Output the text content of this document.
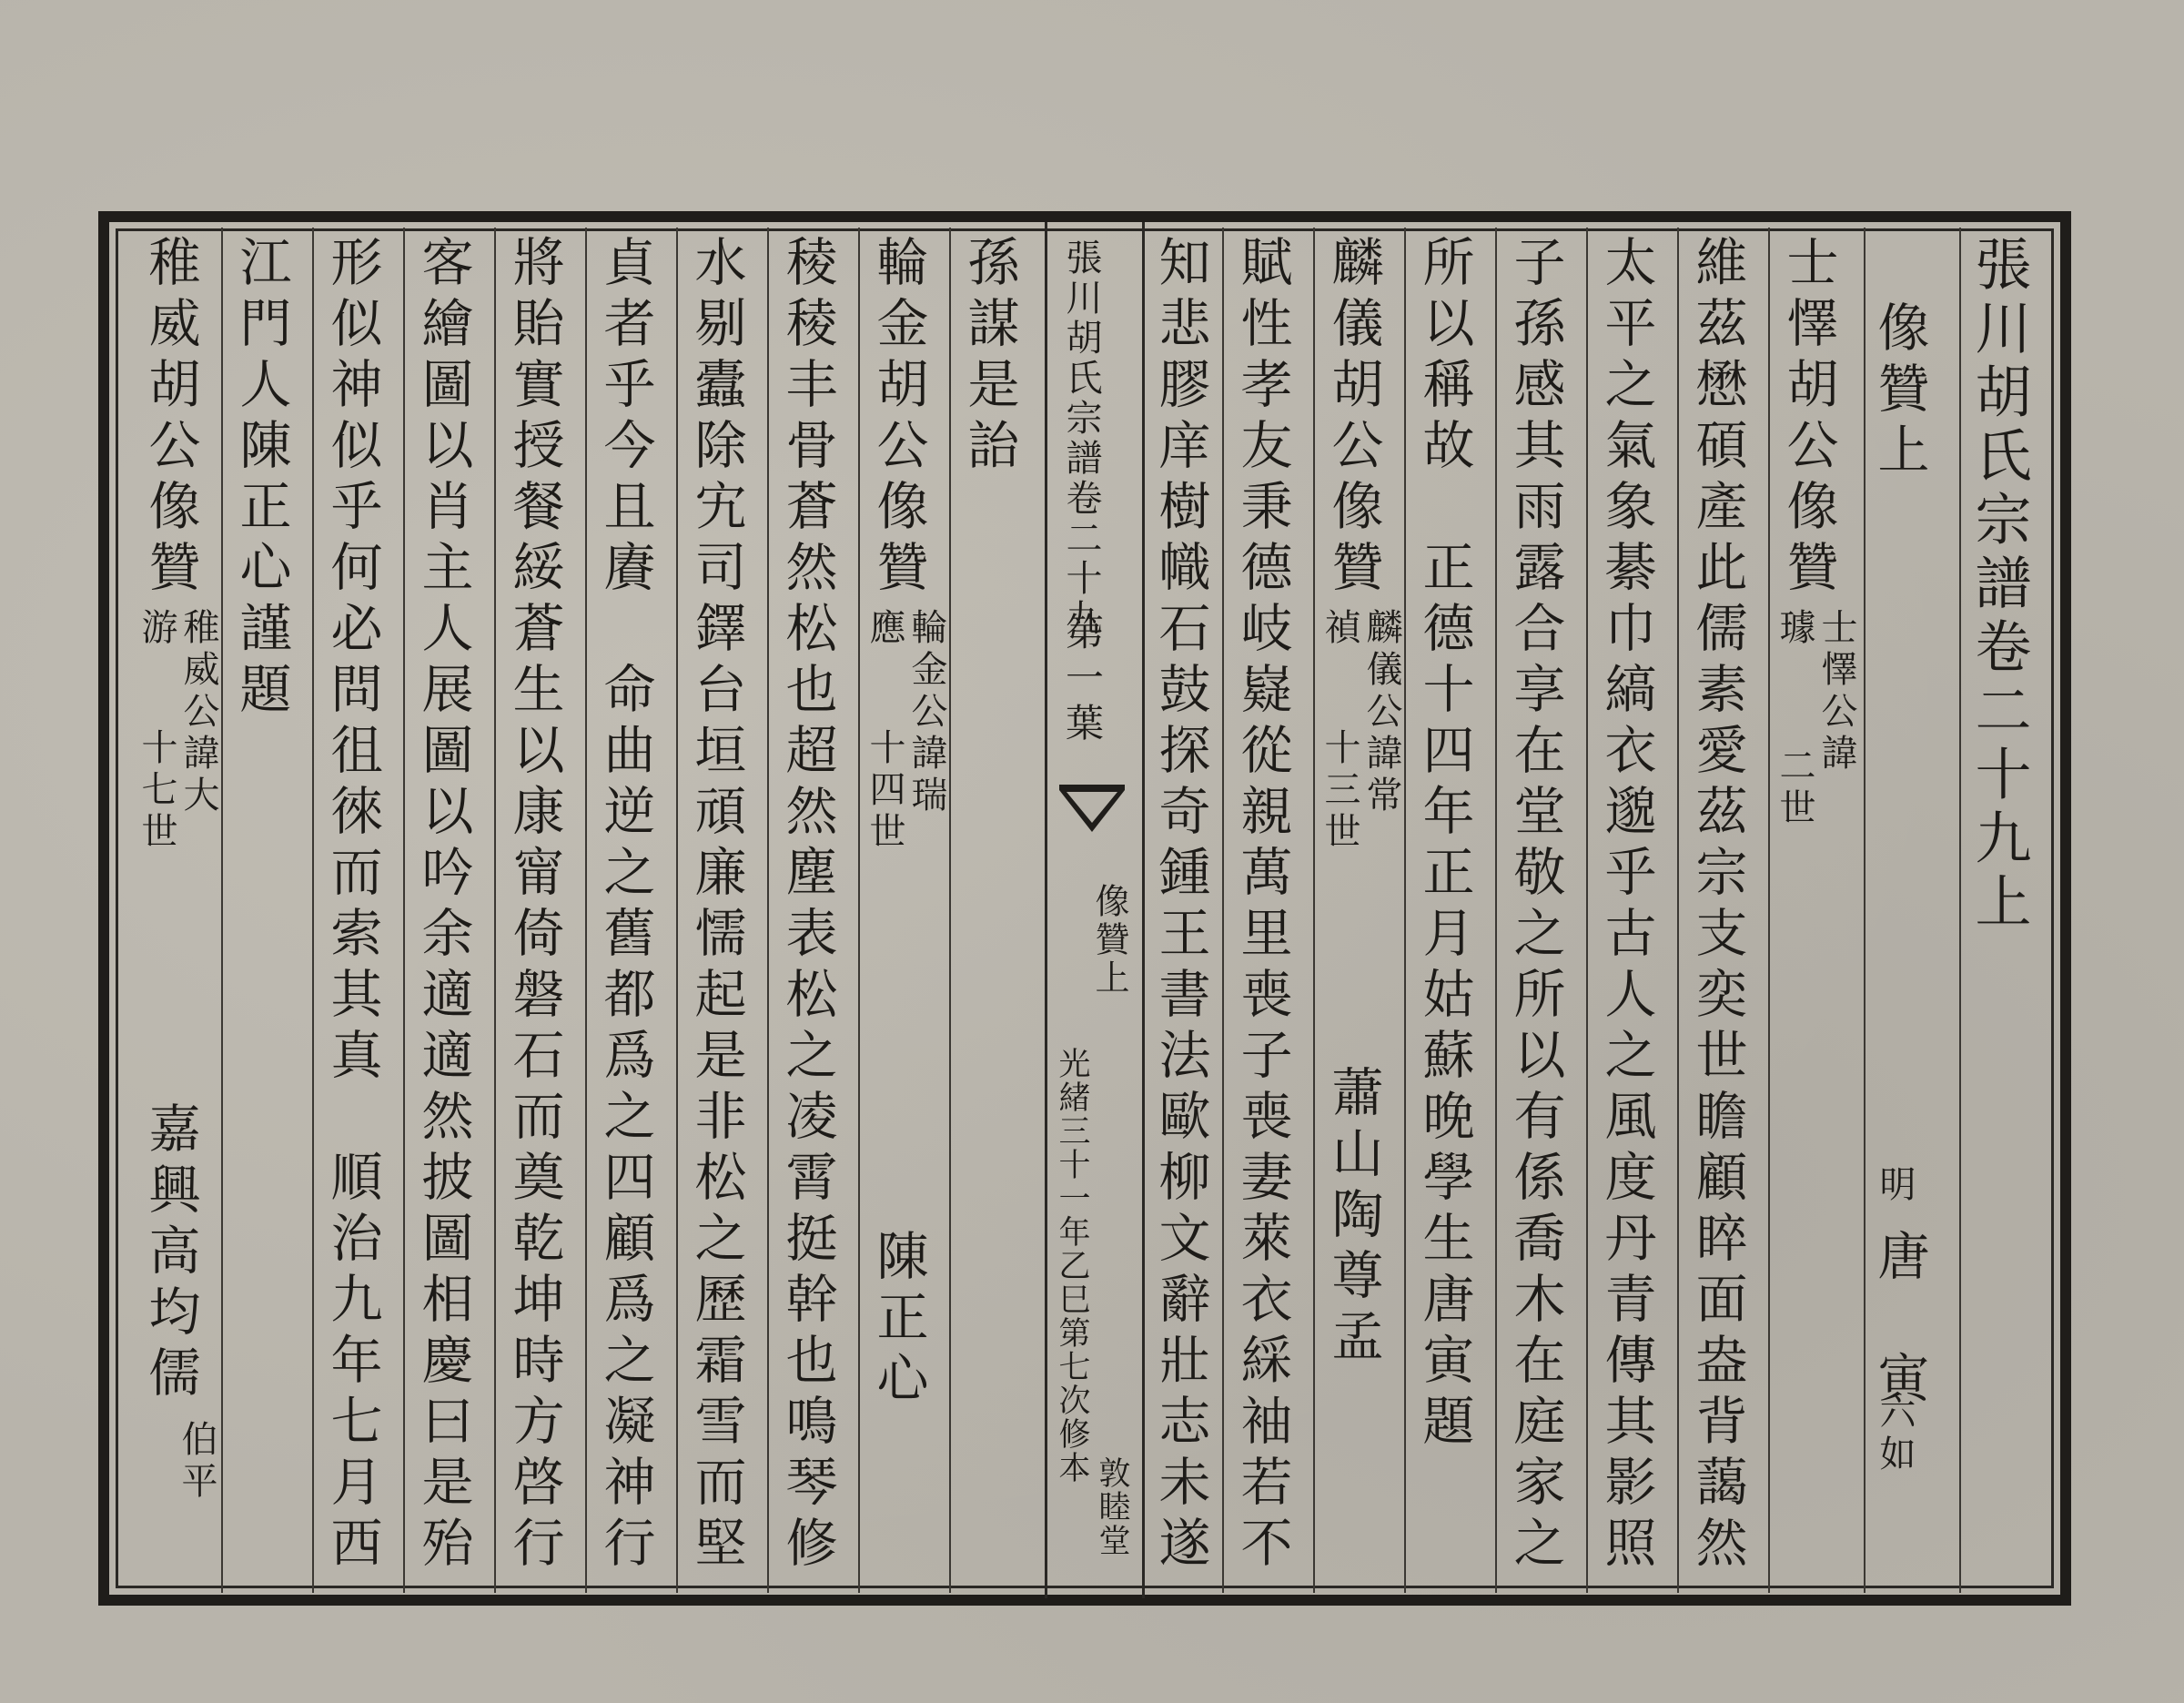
張川胡氏宗譜卷二十九上
像贊上
明
唐　寅
六如
士懌胡公像贊
士懌公諱
璩
二世
維茲懋碩產此儒素愛茲宗支奕世瞻顧睟面盎背藹然
太平之氣象綦巾縞衣邈乎古人之風度丹青傳其影照
子孫感其雨露合享在堂敬之所以有係喬木在庭家之
所以稱故　正德十四年正月姑蘇晚學生唐寅題
麟儀胡公像贊
麟儀公諱常
禎
十三世
蕭山陶尊孟
賦性孝友秉德岐嶷從親萬里喪子喪妻萊衣綵袖若不
知悲膠庠樹幟石鼓探奇鍾王書法歐柳文辭壯志未遂
張川胡氏宗譜卷二十九
第一葉
像贊上
光緒三十一年乙巳第七次修本
敦睦堂
孫謀是詒
輪金胡公像贊
輪金公諱瑞
應
十四世
陳正心
稜稜丰骨蒼然松也超然塵表松之凌霄挺幹也鳴琴修
水剔蠹除宄司鐸台垣頑廉懦起是非松之歷霜雪而堅
貞者乎今且賡　命曲逆之舊都爲之四顧爲之凝神行
將貽實授餐綏蒼生以康甯倚磐石而奠乾坤時方啓行
客繪圖以肖主人展圖以吟余適適然披圖相慶曰是殆
形似神似乎何必問徂徠而索其真　順治九年七月西
江門人陳正心謹題
稚威胡公像贊
稚威公諱大
游
十七世
嘉興高均儒
伯平
